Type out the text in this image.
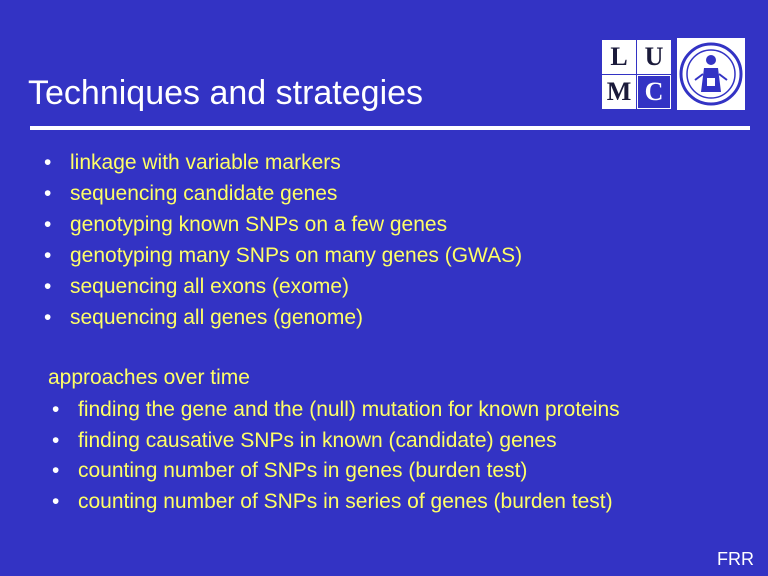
Techniques and strategies
L U
M C
• linkage with variable markers
• sequencing candidate genes
• genotyping known SNPs on a few genes
• genotyping many SNPs on many genes (GWAS)
• sequencing all exons (exome)
• sequencing all genes (genome)
approaches over time
• finding the gene and the (null) mutation for known proteins
• finding causative SNPs in known (candidate) genes
• counting number of SNPs in genes (burden test)
• counting number of SNPs in series of genes (burden test)
FRR
